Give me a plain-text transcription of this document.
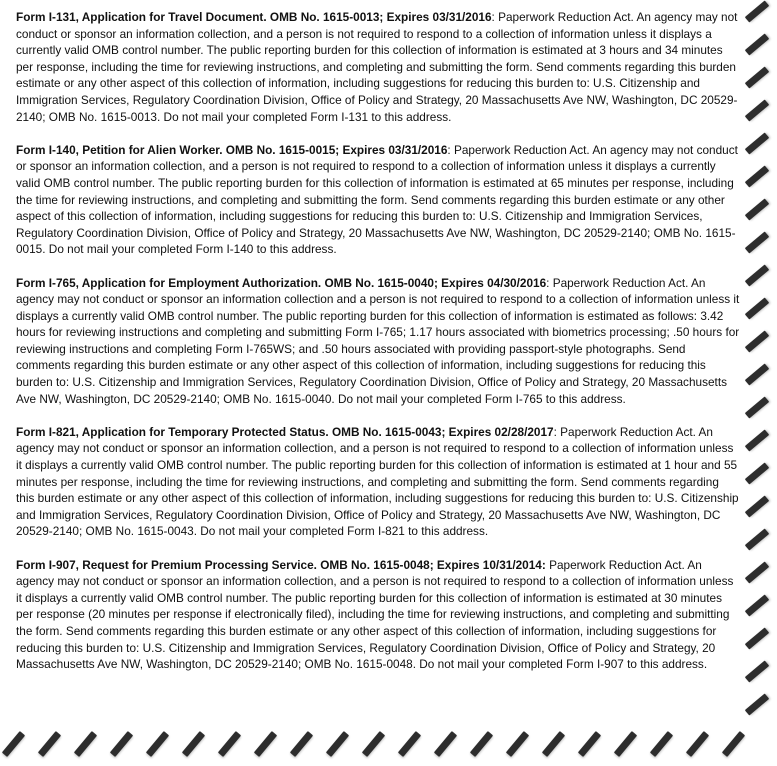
Form I-131, Application for Travel Document. OMB No. 1615-0013; Expires 03/31/2016: Paperwork Reduction Act. An agency may not conduct or sponsor an information collection, and a person is not required to respond to a collection of information unless it displays a currently valid OMB control number. The public reporting burden for this collection of information is estimated at 3 hours and 34 minutes per response, including the time for reviewing instructions, and completing and submitting the form. Send comments regarding this burden estimate or any other aspect of this collection of information, including suggestions for reducing this burden to: U.S. Citizenship and Immigration Services, Regulatory Coordination Division, Office of Policy and Strategy, 20 Massachusetts Ave NW, Washington, DC 20529-2140; OMB No. 1615-0013. Do not mail your completed Form I-131 to this address.

Form I-140, Petition for Alien Worker. OMB No. 1615-0015; Expires 03/31/2016: Paperwork Reduction Act. An agency may not conduct or sponsor an information collection, and a person is not required to respond to a collection of information unless it displays a currently valid OMB control number. The public reporting burden for this collection of information is estimated at 65 minutes per response, including the time for reviewing instructions, and completing and submitting the form. Send comments regarding this burden estimate or any other aspect of this collection of information, including suggestions for reducing this burden to: U.S. Citizenship and Immigration Services, Regulatory Coordination Division, Office of Policy and Strategy, 20 Massachusetts Ave NW, Washington, DC 20529-2140; OMB No. 1615-0015. Do not mail your completed Form I-140 to this address.

Form I-765, Application for Employment Authorization. OMB No. 1615-0040; Expires 04/30/2016: Paperwork Reduction Act. An agency may not conduct or sponsor an information collection and a person is not required to respond to a collection of information unless it displays a currently valid OMB control number. The public reporting burden for this collection of information is estimated as follows: 3.42 hours for reviewing instructions and completing and submitting Form I-765; 1.17 hours associated with biometrics processing; .50 hours for reviewing instructions and completing Form I-765WS; and .50 hours associated with providing passport-style photographs. Send comments regarding this burden estimate or any other aspect of this collection of information, including suggestions for reducing this burden to: U.S. Citizenship and Immigration Services, Regulatory Coordination Division, Office of Policy and Strategy, 20 Massachusetts Ave NW, Washington, DC 20529-2140; OMB No. 1615-0040. Do not mail your completed Form I-765 to this address.

Form I-821, Application for Temporary Protected Status. OMB No. 1615-0043; Expires 02/28/2017: Paperwork Reduction Act. An agency may not conduct or sponsor an information collection, and a person is not required to respond to a collection of information unless it displays a currently valid OMB control number. The public reporting burden for this collection of information is estimated at 1 hour and 55 minutes per response, including the time for reviewing instructions, and completing and submitting the form. Send comments regarding this burden estimate or any other aspect of this collection of information, including suggestions for reducing this burden to: U.S. Citizenship and Immigration Services, Regulatory Coordination Division, Office of Policy and Strategy, 20 Massachusetts Ave NW, Washington, DC 20529-2140; OMB No. 1615-0043. Do not mail your completed Form I-821 to this address.

Form I-907, Request for Premium Processing Service. OMB No. 1615-0048; Expires 10/31/2014: Paperwork Reduction Act. An agency may not conduct or sponsor an information collection, and a person is not required to respond to a collection of information unless it displays a currently valid OMB control number. The public reporting burden for this collection of information is estimated at 30 minutes per response (20 minutes per response if electronically filed), including the time for reviewing instructions, and completing and submitting the form. Send comments regarding this burden estimate or any other aspect of this collection of information, including suggestions for reducing this burden to: U.S. Citizenship and Immigration Services, Regulatory Coordination Division, Office of Policy and Strategy, 20 Massachusetts Ave NW, Washington, DC 20529-2140; OMB No. 1615-0048. Do not mail your completed Form I-907 to this address.
